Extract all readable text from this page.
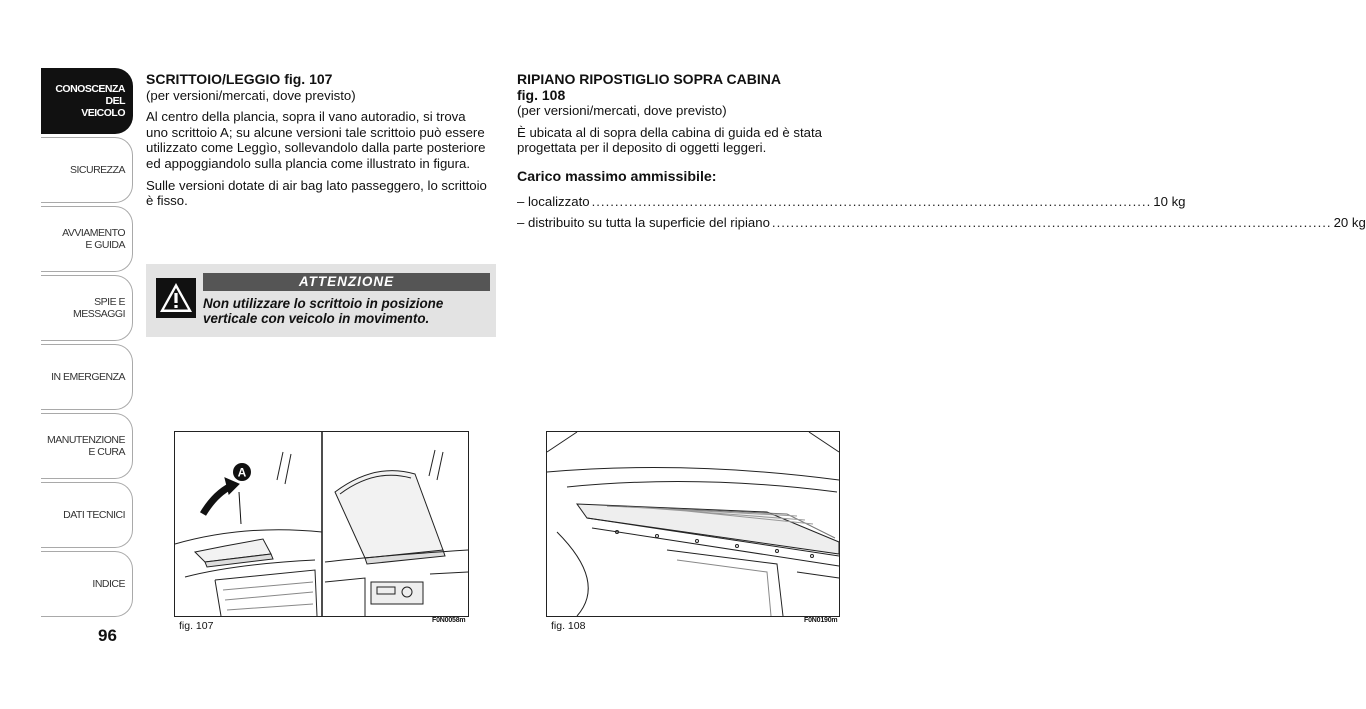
CONOSCENZA
DEL
VEICOLO
SICUREZZA
AVVIAMENTO
E GUIDA
SPIE E
MESSAGGI
IN EMERGENZA
MANUTENZIONE
E CURA
DATI TECNICI
INDICE
96

SCRITTOIO/LEGGIO fig. 107

(per versioni/mercati, dove previsto)

Al centro della plancia, sopra il vano autoradio, si trova uno scrittoio A; su alcune versioni tale scrittoio può essere utilizzato come Leggìo, sollevandolo dalla parte posteriore ed appoggiandolo sulla plancia come illustrato in figura.

Sulle versioni dotate di air bag lato passeggero, lo scrittoio è fisso.

ATTENZIONE
Non utilizzare lo scrittoio in posizione verticale con veicolo in movimento.

RIPIANO RIPOSTIGLIO SOPRA CABINA

fig. 108

(per versioni/mercati, dove previsto)

È ubicata al di sopra della cabina di guida ed è stata progettata per il deposito di oggetti leggeri.

Carico massimo ammissibile:
– localizzato ........................................................................................................................ 10 kg
– distribuito su tutta la superficie del ripiano ........................................................................................................................ 20 kg
A
fig. 107	F0N0058m	fig. 108	F0N0190m
